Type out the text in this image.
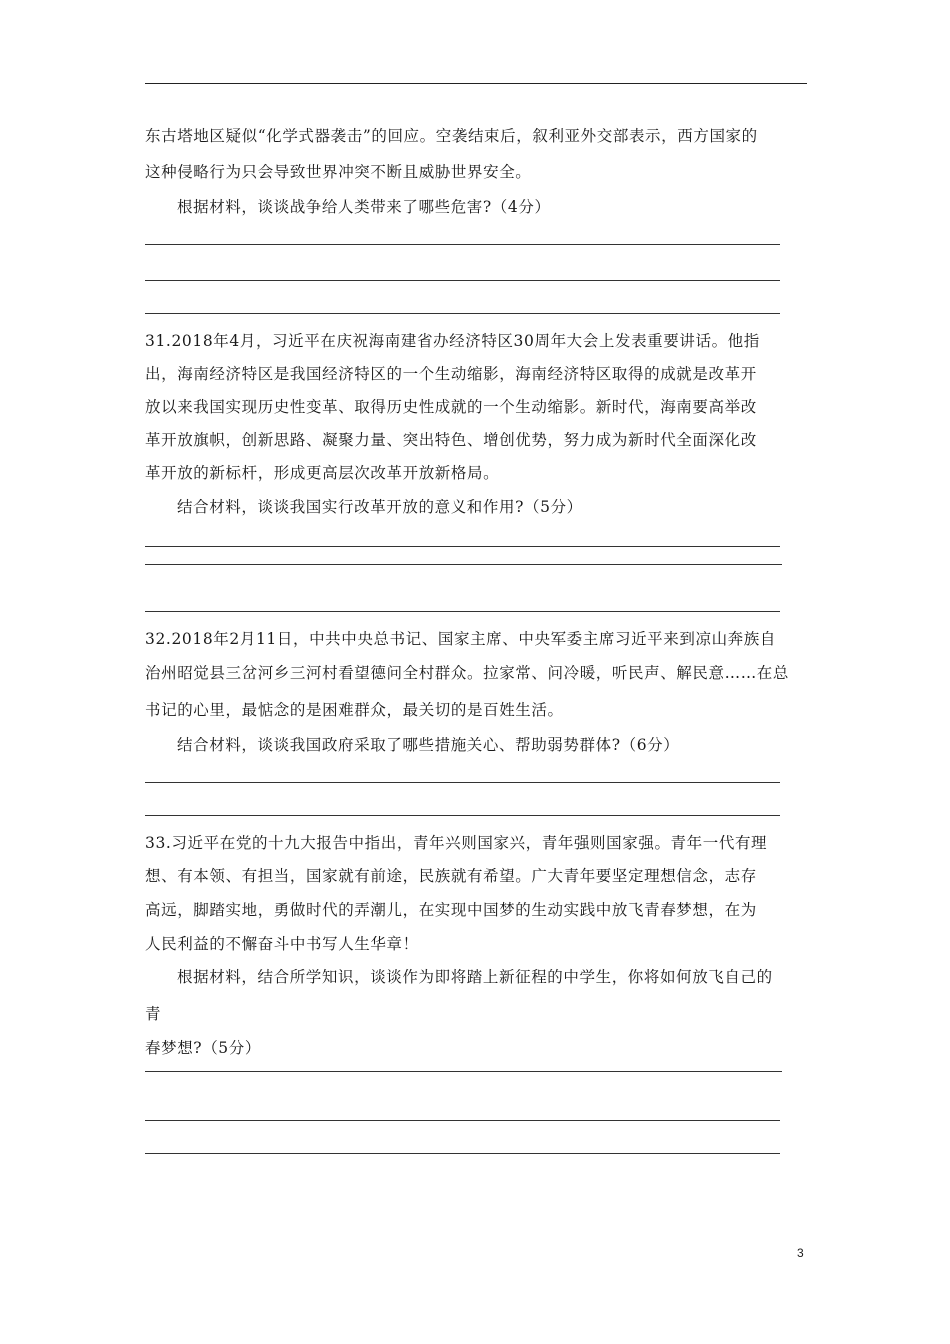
东古塔地区疑似“化学式器袭击”的回应。空袭结束后，叙利亚外交部表示，西方国家的
这种侵略行为只会导致世界冲突不断且威胁世界安全。
根据材料，谈谈战争给人类带来了哪些危害?（4分）
31.2018年4月，习近平在庆祝海南建省办经济特区30周年大会上发表重要讲话。他指
出，海南经济特区是我国经济特区的一个生动缩影，海南经济特区取得的成就是改革开
放以来我国实现历史性变革、取得历史性成就的一个生动缩影。新时代，海南要高举改
革开放旗帜，创新思路、凝聚力量、突出特色、增创优势，努力成为新时代全面深化改
革开放的新标杆，形成更高层次改革开放新格局。
结合材料，谈谈我国实行改革开放的意义和作用?（5分）
32.2018年2月11日，中共中央总书记、国家主席、中央军委主席习近平来到凉山奔族自
治州昭觉县三岔河乡三河村看望德问全村群众。拉家常、问冷暖，听民声、解民意……在总
书记的心里，最惦念的是困难群众，最关切的是百姓生活。
结合材料，谈谈我国政府采取了哪些措施关心、帮助弱势群体?（6分）
33.习近平在党的十九大报告中指出，青年兴则国家兴，青年强则国家强。青年一代有理
想、有本领、有担当，国家就有前途，民族就有希望。广大青年要坚定理想信念，志存
高远，脚踏实地，勇做时代的弄潮儿，在实现中国梦的生动实践中放飞青春梦想，在为
人民利益的不懈奋斗中书写人生华章！
根据材料，结合所学知识，谈谈作为即将踏上新征程的中学生，你将如何放飞自己的
青
春梦想?（5分）
3
